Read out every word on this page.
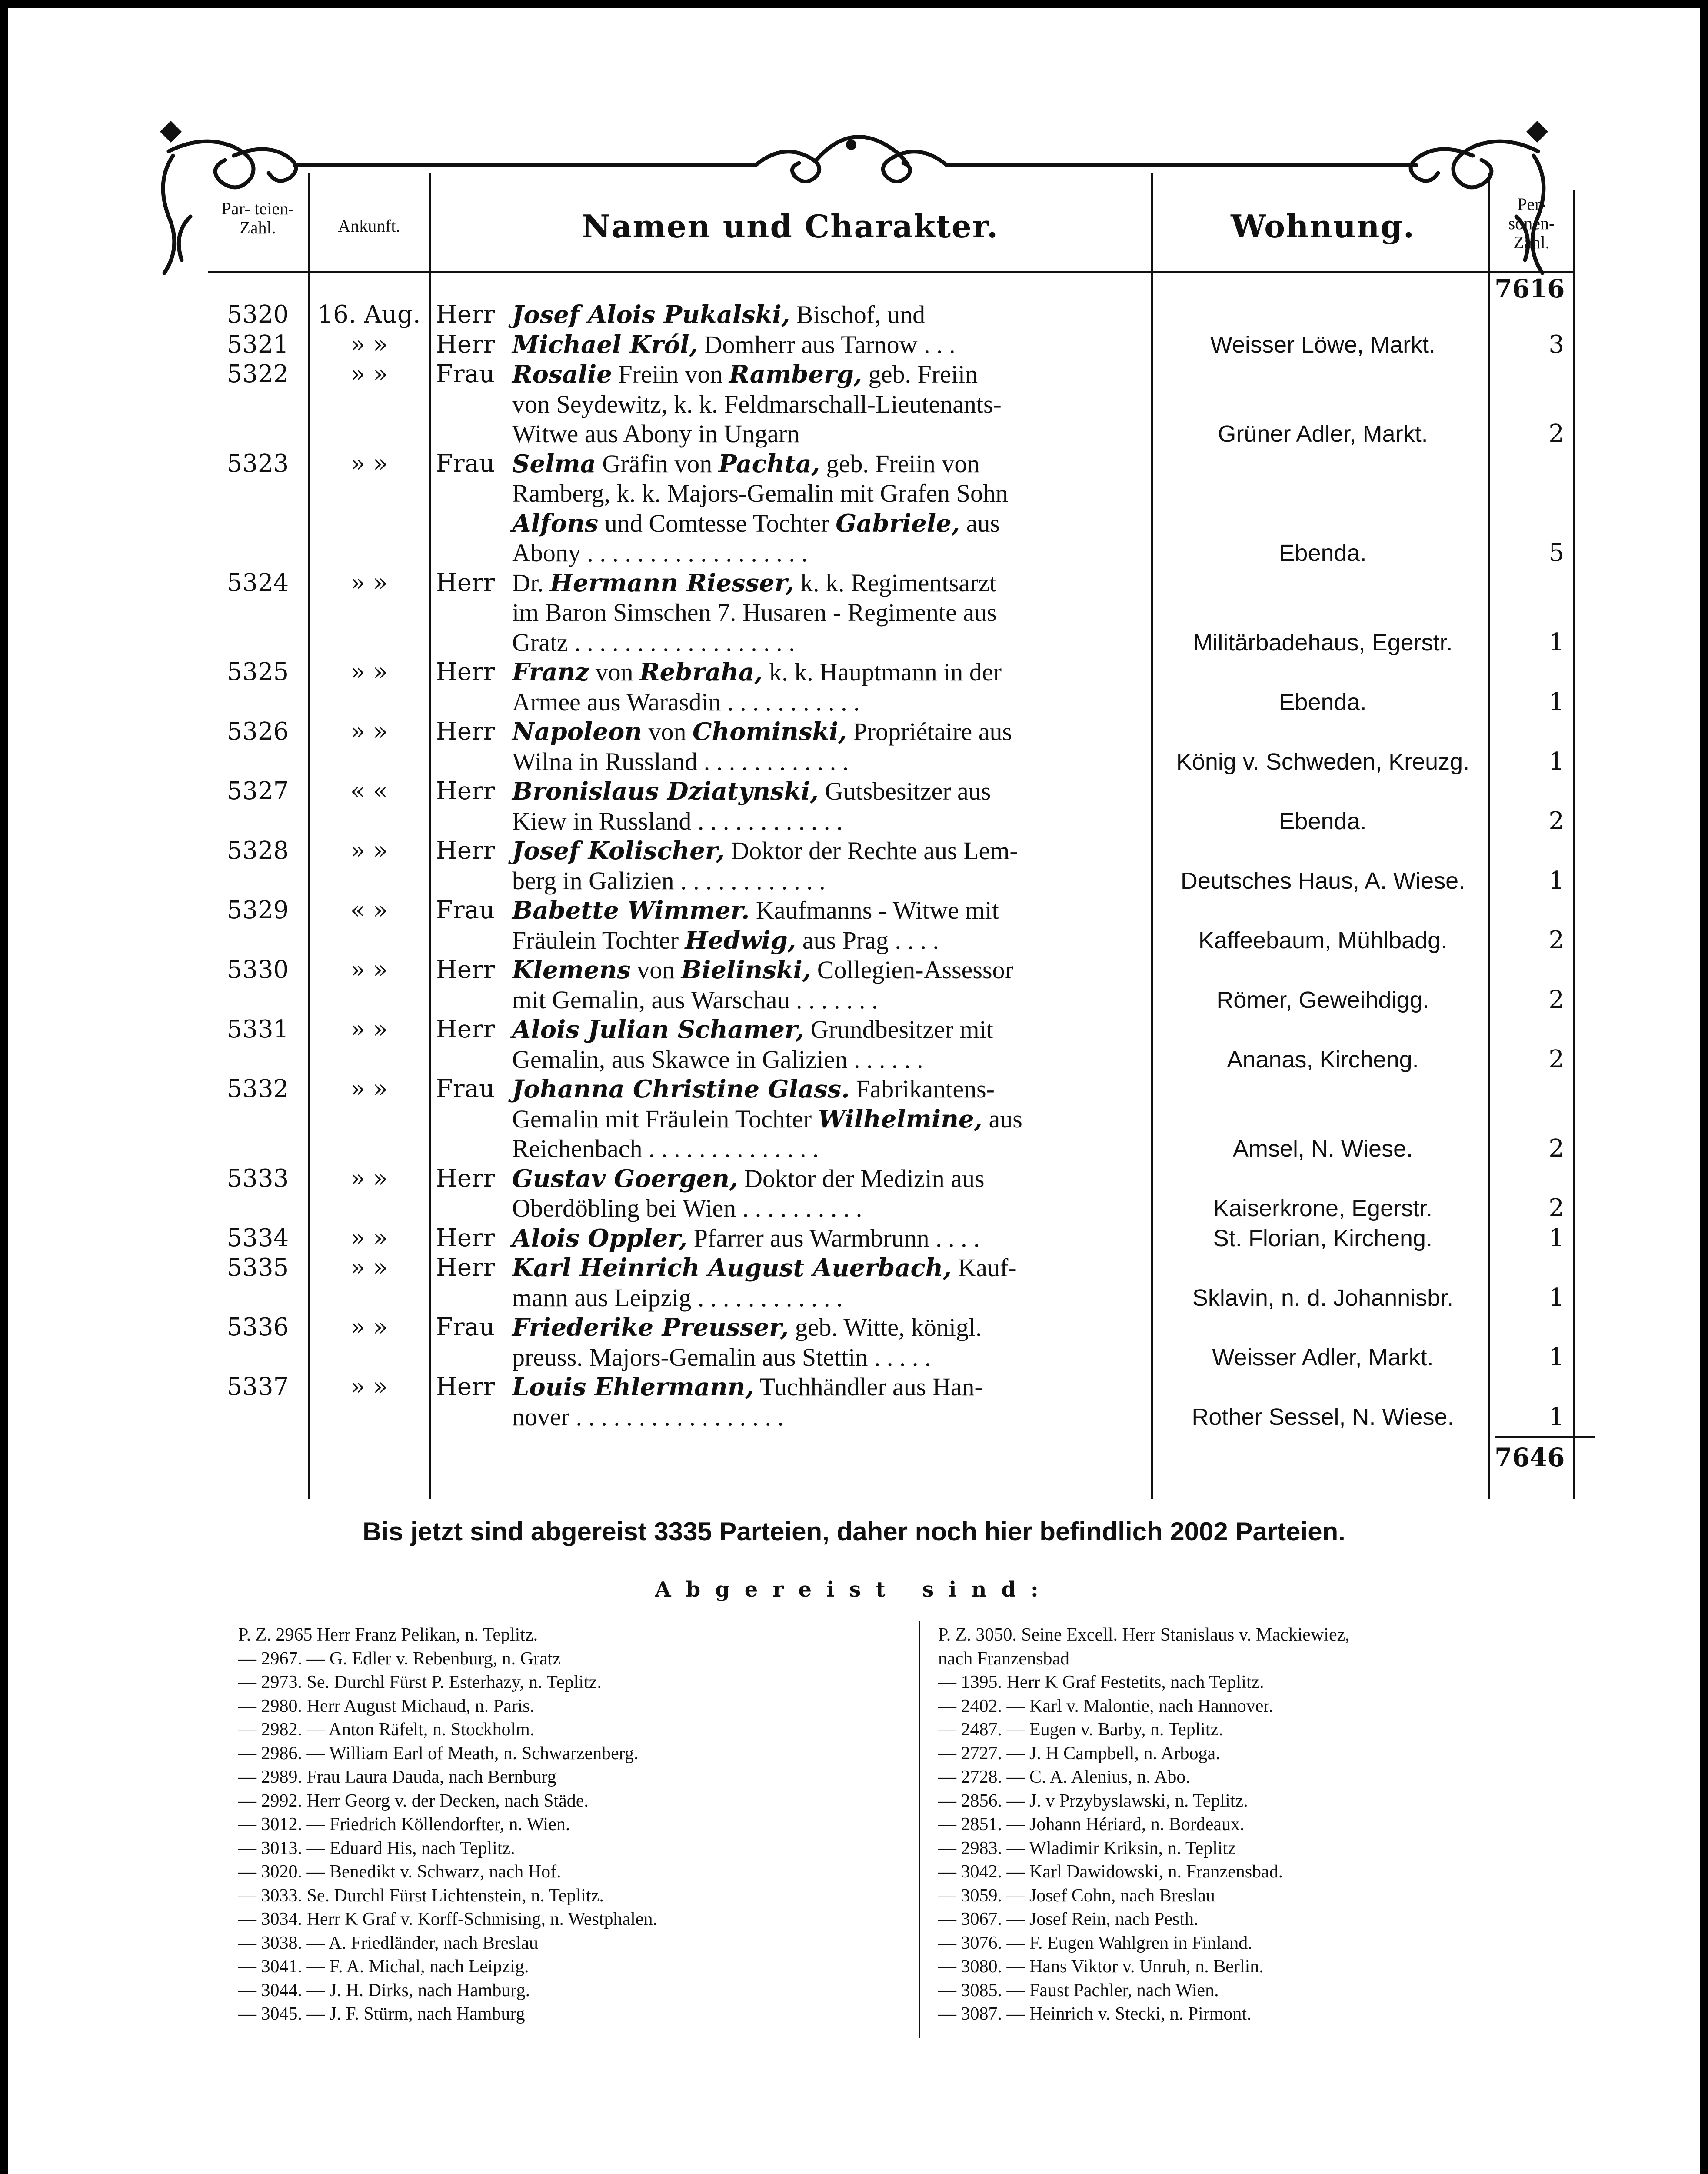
Par- teien- Zahl.	Ankunft.	Namen und Charakter.	Wohnung.
Per- sonen- Zahl.
7616
7646
5320	16. Aug. Herr Josef Alois Pukalski, Bischof, und
5321	» »	Herr Michael Król, Domherr aus Tarnow . . .	Weisser Löwe, Markt.	3
5322	» »	Frau Rosalie Freiin von Ramberg, geb. Freiin
von Seydewitz, k. k. Feldmarschall-Lieutenants-
Witwe aus Abony in Ungarn	Grüner Adler, Markt.	2
5323	» »	Frau Selma Gräfin von Pachta, geb. Freiin von
Ramberg, k. k. Majors-Gemalin mit Grafen Sohn
Alfons und Comtesse Tochter Gabriele, aus
Abony . . . . . . . . . . . . . . . . . .	Ebenda.	5
5324	» »	Herr Dr. Hermann Riesser, k. k. Regimentsarzt
im Baron Simschen 7. Husaren - Regimente aus
Gratz . . . . . . . . . . . . . . . . . .	Militärbadehaus, Egerstr.	1
5325	» »	Herr Franz von Rebraha, k. k. Hauptmann in der
Armee aus Warasdin . . . . . . . . . . .	Ebenda.	1
5326	» »	Herr Napoleon von Chominski, Propriétaire aus
Wilna in Russland . . . . . . . . . . . .	König v. Schweden, Kreuzg.	1
5327	« «	Herr Bronislaus Dziatynski, Gutsbesitzer aus
Kiew in Russland . . . . . . . . . . . .	Ebenda.	2
5328	» »	Herr Josef Kolischer, Doktor der Rechte aus Lem-
berg in Galizien . . . . . . . . . . . .	Deutsches Haus, A. Wiese.	1
5329	« »	Frau Babette Wimmer. Kaufmanns - Witwe mit
Fräulein Tochter Hedwig, aus Prag . . . .	Kaffeebaum, Mühlbadg.	2
5330	» »	Herr Klemens von Bielinski, Collegien-Assessor
mit Gemalin, aus Warschau . . . . . . .	Römer, Geweihdigg.	2
5331	» »	Herr Alois Julian Schamer, Grundbesitzer mit
Gemalin, aus Skawce in Galizien . . . . . .	Ananas, Kircheng.	2
5332	» »	Frau Johanna Christine Glass. Fabrikantens-
Gemalin mit Fräulein Tochter Wilhelmine, aus
Reichenbach . . . . . . . . . . . . . .	Amsel, N. Wiese.	2
5333	» »	Herr Gustav Goergen, Doktor der Medizin aus
Oberdöbling bei Wien . . . . . . . . . .	Kaiserkrone, Egerstr.	2
5334	» »	Herr Alois Oppler, Pfarrer aus Warmbrunn . . . .	St. Florian, Kircheng.	1
5335	» »	Herr Karl Heinrich August Auerbach, Kauf-
mann aus Leipzig . . . . . . . . . . . .	Sklavin, n. d. Johannisbr.	1
5336	» »	Frau Friederike Preusser, geb. Witte, königl.
preuss. Majors-Gemalin aus Stettin . . . . .	Weisser Adler, Markt.	1
5337	» »	Herr Louis Ehlermann, Tuchhändler aus Han-
nover . . . . . . . . . . . . . . . . .	Rother Sessel, N. Wiese.	1
Bis jetzt sind abgereist 3335 Parteien, daher noch hier befindlich 2002 Parteien.
Abgereist sind:
P. Z. 2965 Herr Franz Pelikan, n. Teplitz.
— 2967. — G. Edler v. Rebenburg, n. Gratz
— 2973. Se. Durchl Fürst P. Esterhazy, n. Teplitz.
— 2980. Herr August Michaud, n. Paris.
— 2982. — Anton Räfelt, n. Stockholm.
— 2986. — William Earl of Meath, n. Schwarzenberg.
— 2989. Frau Laura Dauda, nach Bernburg
— 2992. Herr Georg v. der Decken, nach Städe.
— 3012. — Friedrich Köllendorfter, n. Wien.
— 3013. — Eduard His, nach Teplitz.
— 3020. — Benedikt v. Schwarz, nach Hof.
— 3033. Se. Durchl Fürst Lichtenstein, n. Teplitz.
— 3034. Herr K Graf v. Korff-Schmising, n. Westphalen.
— 3038. — A. Friedländer, nach Breslau
— 3041. — F. A. Michal, nach Leipzig.
— 3044. — J. H. Dirks, nach Hamburg.
— 3045. — J. F. Stürm, nach Hamburg
P. Z. 3050. Seine Excell. Herr Stanislaus v. Mackiewiez,
nach Franzensbad
— 1395. Herr K Graf Festetits, nach Teplitz.
— 2402. — Karl v. Malontie, nach Hannover.
— 2487. — Eugen v. Barby, n. Teplitz.
— 2727. — J. H Campbell, n. Arboga.
— 2728. — C. A. Alenius, n. Abo.
— 2856. — J. v Przybyslawski, n. Teplitz.
— 2851. — Johann Hériard, n. Bordeaux.
— 2983. — Wladimir Kriksin, n. Teplitz
— 3042. — Karl Dawidowski, n. Franzensbad.
— 3059. — Josef Cohn, nach Breslau
— 3067. — Josef Rein, nach Pesth.
— 3076. — F. Eugen Wahlgren in Finland.
— 3080. — Hans Viktor v. Unruh, n. Berlin.
— 3085. — Faust Pachler, nach Wien.
— 3087. — Heinrich v. Stecki, n. Pirmont.
